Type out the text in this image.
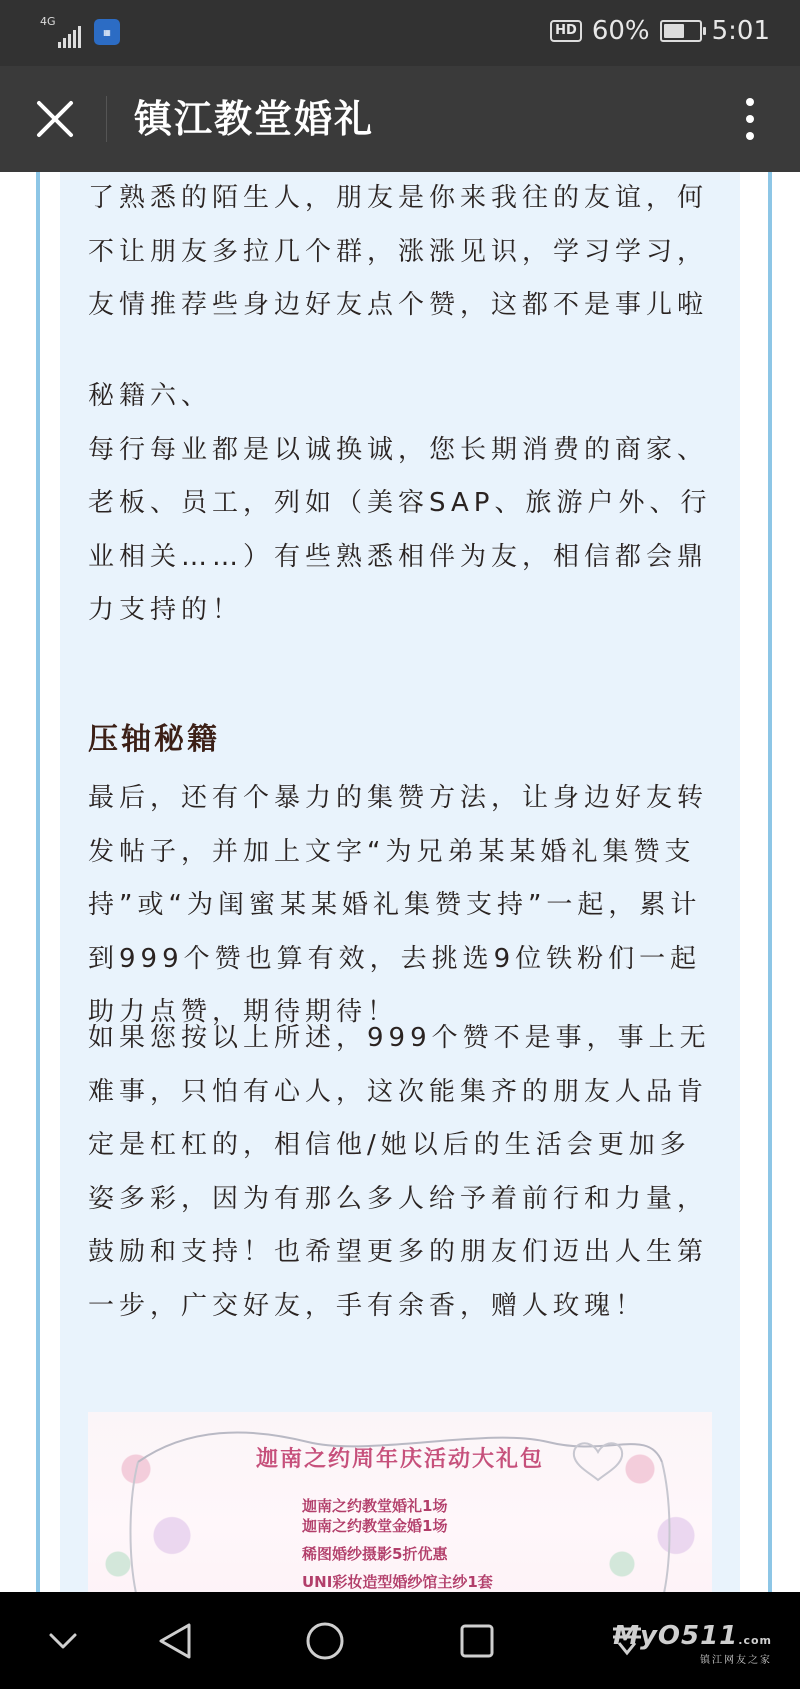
4G
▦	HD 60% 5:01
镇江教堂婚礼

了熟悉的陌生人，朋友是你来我往的友谊，何

不让朋友多拉几个群，涨涨见识，学习学习，

友情推荐些身边好友点个赞，这都不是事儿啦

秘籍六、

每行每业都是以诚换诚，您长期消费的商家、

老板、员工，列如（美容SAP、旅游户外、行

业相关……）有些熟悉相伴为友，相信都会鼎

力支持的！

压轴秘籍

最后，还有个暴力的集赞方法，让身边好友转

发帖子，并加上文字“为兄弟某某婚礼集赞支

持”或“为闺蜜某某婚礼集赞支持”一起，累计

到999个赞也算有效，去挑选9位铁粉们一起

助力点赞，期待期待！

如果您按以上所述，999个赞不是事，事上无

难事，只怕有心人，这次能集齐的朋友人品肯

定是杠杠的，相信他/她以后的生活会更加多

姿多彩，因为有那么多人给予着前行和力量，

鼓励和支持！也希望更多的朋友们迈出人生第

一步，广交好友，手有余香，赠人玫瑰！

迦南之约周年庆活动大礼包
迦南之约教堂婚礼1场
迦南之约教堂金婚1场
稀图婚纱摄影5折优惠
UNI彩妆造型婚纱馆主纱1套
MyO511.com
镇江网友之家
